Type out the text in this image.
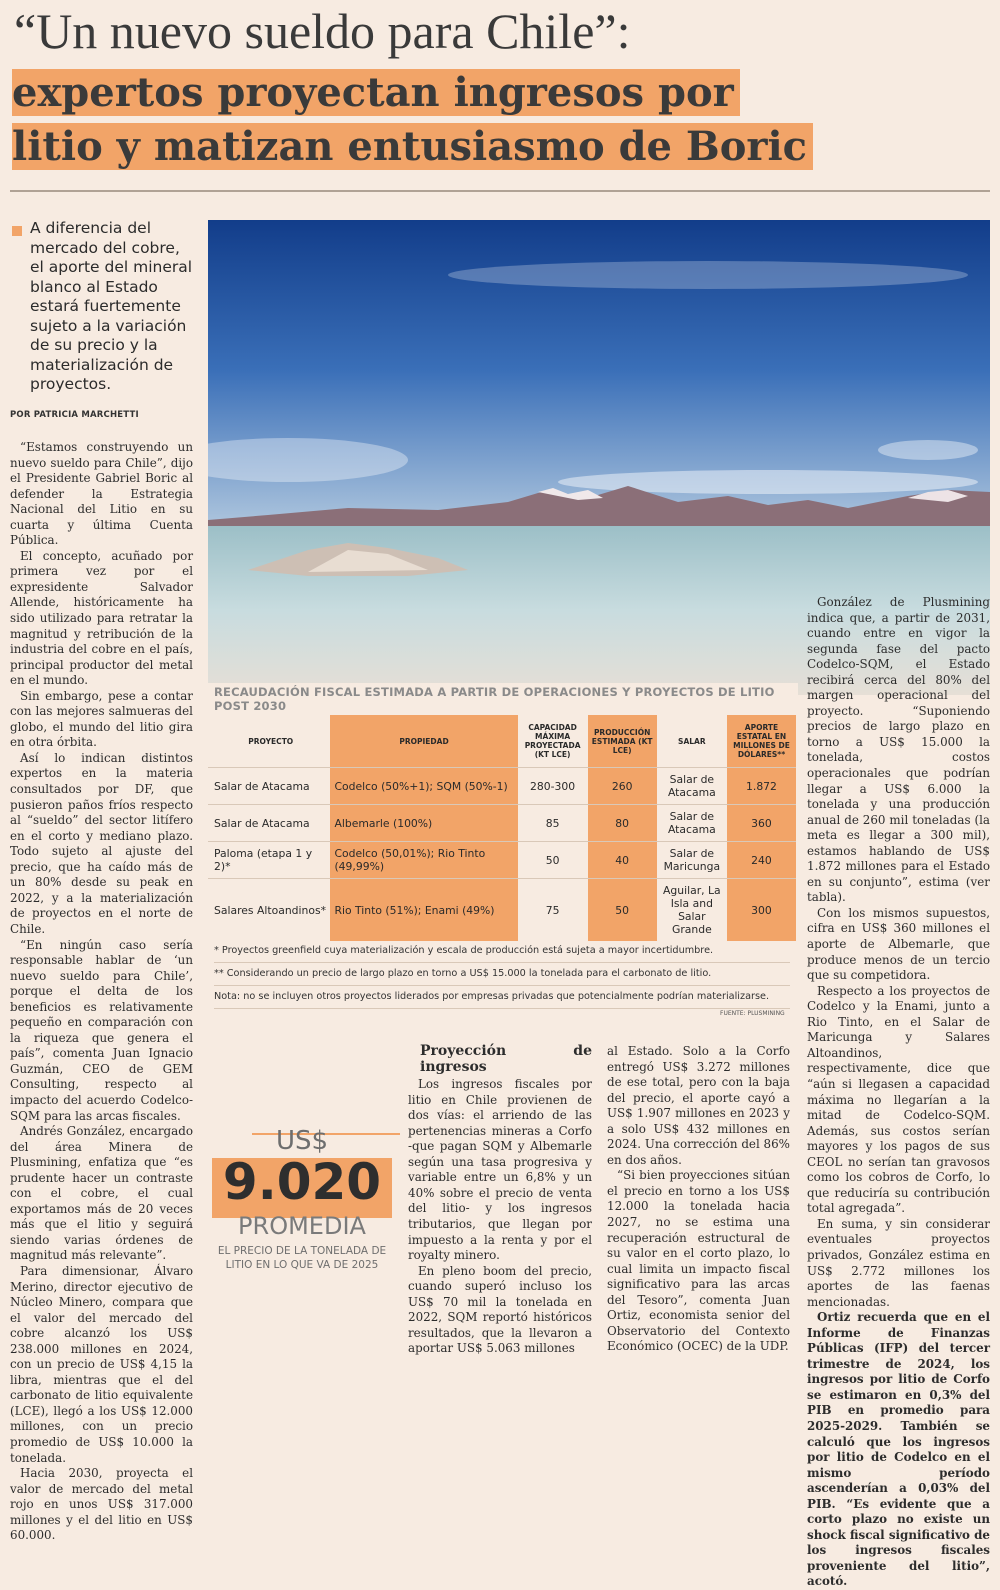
“Un nuevo sueldo para Chile”:
expertos proyectan ingresos por
litio y matizan entusiasmo de Boric
A diferencia del mercado del cobre, el aporte del mineral blanco al Estado estará fuertemente sujeto a la variación de su precio y la materialización de proyectos.
POR PATRICIA MARCHETTI

“Estamos construyendo un nuevo sueldo para Chile”, dijo el Presidente Gabriel Boric al defender la Estrategia Nacional del Litio en su cuarta y última Cuenta Pública.

El concepto, acuñado por primera vez por el expresidente Salvador Allende, históricamente ha sido utilizado para retratar la magnitud y retribución de la industria del cobre en el país, principal productor del metal en el mundo.

Sin embargo, pese a contar con las mejores salmueras del globo, el mundo del litio gira en otra órbita.

Así lo indican distintos expertos en la materia consultados por DF, que pusieron paños fríos respecto al “sueldo” del sector litífero en el corto y mediano plazo. Todo sujeto al ajuste del precio, que ha caído más de un 80% desde su peak en 2022, y a la materialización de proyectos en el norte de Chile.

“En ningún caso sería responsable hablar de ‘un nuevo sueldo para Chile’, porque el delta de los beneficios es relativamente pequeño en comparación con la riqueza que genera el país”, comenta Juan Ignacio Guzmán, CEO de GEM Consulting, respecto al impacto del acuerdo Codelco-SQM para las arcas fiscales.

Andrés González, encargado del área Minera de Plusmining, enfatiza que “es prudente hacer un contraste con el cobre, el cual exportamos más de 20 veces más que el litio y seguirá siendo varias órdenes de magnitud más relevante”.

Para dimensionar, Álvaro Merino, director ejecutivo de Núcleo Minero, compara que el valor del mercado del cobre alcanzó los US$ 238.000 millones en 2024, con un precio de US$ 4,15 la libra, mientras que el del carbonato de litio equivalente (LCE), llegó a los US$ 12.000 millones, con un precio promedio de US$ 10.000 la tonelada.

Hacia 2030, proyecta el valor de mercado del metal rojo en unos US$ 317.000 millones y el del litio en US$ 60.000.

González de Plusmining indica que, a partir de 2031, cuando entre en vigor la segunda fase del pacto Codelco-SQM, el Estado recibirá cerca del 80% del margen operacional del proyecto. “Suponiendo precios de largo plazo en torno a US$ 15.000 la tonelada, costos operacionales que podrían llegar a US$ 6.000 la tonelada y una producción anual de 260 mil toneladas (la meta es llegar a 300 mil), estamos hablando de US$ 1.872 millones para el Estado en su conjunto”, estima (ver tabla).

Con los mismos supuestos, cifra en US$ 360 millones el aporte de Albemarle, que produce menos de un tercio que su competidora.

Respecto a los proyectos de Codelco y la Enami, junto a Rio Tinto, en el Salar de Maricunga y Salares Altoandinos, respectivamente, dice que “aún si llegasen a capacidad máxima no llegarían a la mitad de Codelco-SQM. Además, sus costos serían mayores y los pagos de sus CEOL no serían tan gravosos como los cobros de Corfo, lo que reduciría su contribución total agregada”.

En suma, y sin considerar eventuales proyectos privados, González estima en US$ 2.772 millones los aportes de las faenas mencionadas.

Ortiz recuerda que en el Informe de Finanzas Públicas (IFP) del tercer trimestre de 2024, los ingresos por litio de Corfo se estimaron en 0,3% del PIB en promedio para 2025-2029. También se calculó que los ingresos por litio de Codelco en el mismo período ascenderían a 0,03% del PIB. “Es evidente que a corto plazo no existe un shock fiscal significativo de los ingresos fiscales proveniente del litio”, acotó.

RECAUDACIÓN FISCAL ESTIMADA A PARTIR DE OPERACIONES Y PROYECTOS DE LITIO POST 2030
PROYECTO	PROPIEDAD	CAPACIDAD MÁXIMA PROYECTADA (KT LCE)	PRODUCCIÓN ESTIMADA (KT LCE)	SALAR	APORTE ESTATAL EN MILLONES DE DÓLARES**
Salar de Atacama	Codelco (50%+1); SQM (50%-1)	280-300	260	Salar de Atacama	1.872
Salar de Atacama	Albemarle (100%)	85	80	Salar de Atacama	360
Paloma (etapa 1 y 2)*	Codelco (50,01%); Rio Tinto (49,99%)	50	40	Salar de Maricunga	240
Salares Altoandinos*	Rio Tinto (51%); Enami (49%)	75	50	Aguilar, La Isla and Salar Grande	300
* Proyectos greenfield cuya materialización y escala de producción está sujeta a mayor incertidumbre.
** Considerando un precio de largo plazo en torno a US$ 15.000 la tonelada para el carbonato de litio.
Nota: no se incluyen otros proyectos liderados por empresas privadas que potencialmente podrían materializarse.
FUENTE: PLUSMINING
US$
9.020
PROMEDIA
EL PRECIO DE LA TONELADA DE LITIO EN LO QUE VA DE 2025
Proyección de ingresos

Los ingresos fiscales por litio en Chile provienen de dos vías: el arriendo de las pertenencias mineras a Corfo -que pagan SQM y Albemarle según una tasa progresiva y variable entre un 6,8% y un 40% sobre el precio de venta del litio- y los ingresos tributarios, que llegan por impuesto a la renta y por el royalty minero.

En pleno boom del precio, cuando superó incluso los US$ 70 mil la tonelada en 2022, SQM reportó históricos resultados, que la llevaron a aportar US$ 5.063 millones

al Estado. Solo a la Corfo entregó US$ 3.272 millones de ese total, pero con la baja del precio, el aporte cayó a US$ 1.907 millones en 2023 y a solo US$ 432 millones en 2024. Una corrección del 86% en dos años.

“Si bien proyecciones sitúan el precio en torno a los US$ 12.000 la tonelada hacia 2027, no se estima una recuperación estructural de su valor en el corto plazo, lo cual limita un impacto fiscal significativo para las arcas del Tesoro”, comenta Juan Ortiz, economista senior del Observatorio del Contexto Económico (OCEC) de la UDP.
